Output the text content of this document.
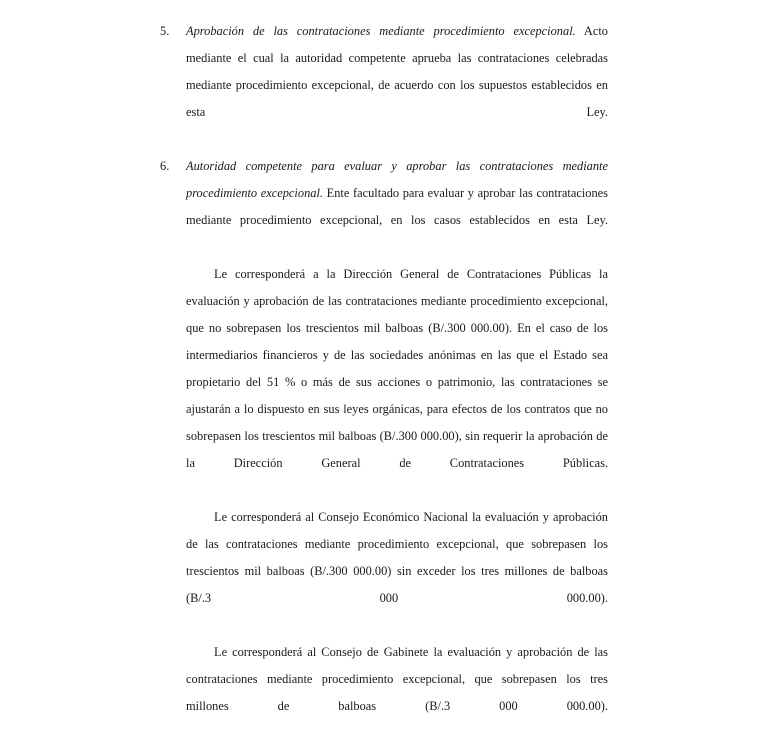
5.	Aprobación de las contrataciones mediante procedimiento excepcional. Acto mediante el cual la autoridad competente aprueba las contrataciones celebradas mediante procedimiento excepcional, de acuerdo con los supuestos establecidos en esta Ley.
6.	Autoridad competente para evaluar y aprobar las contrataciones mediante procedimiento excepcional. Ente facultado para evaluar y aprobar las contrataciones mediante procedimiento excepcional, en los casos establecidos en esta Ley.

Le corresponderá a la Dirección General de Contrataciones Públicas la evaluación y aprobación de las contrataciones mediante procedimiento excepcional, que no sobrepasen los trescientos mil balboas (B/.300 000.00). En el caso de los intermediarios financieros y de las sociedades anónimas en las que el Estado sea propietario del 51 % o más de sus acciones o patrimonio, las contrataciones se ajustarán a lo dispuesto en sus leyes orgánicas, para efectos de los contratos que no sobrepasen los trescientos mil balboas (B/.300 000.00), sin requerir la aprobación de la Dirección General de Contrataciones Públicas.

Le corresponderá al Consejo Económico Nacional la evaluación y aprobación de las contrataciones mediante procedimiento excepcional, que sobrepasen los trescientos mil balboas (B/.300 000.00) sin exceder los tres millones de balboas (B/.3 000 000.00).

Le corresponderá al Consejo de Gabinete la evaluación y aprobación de las contrataciones mediante procedimiento excepcional, que sobrepasen los tres millones de balboas (B/.3 000 000.00).
